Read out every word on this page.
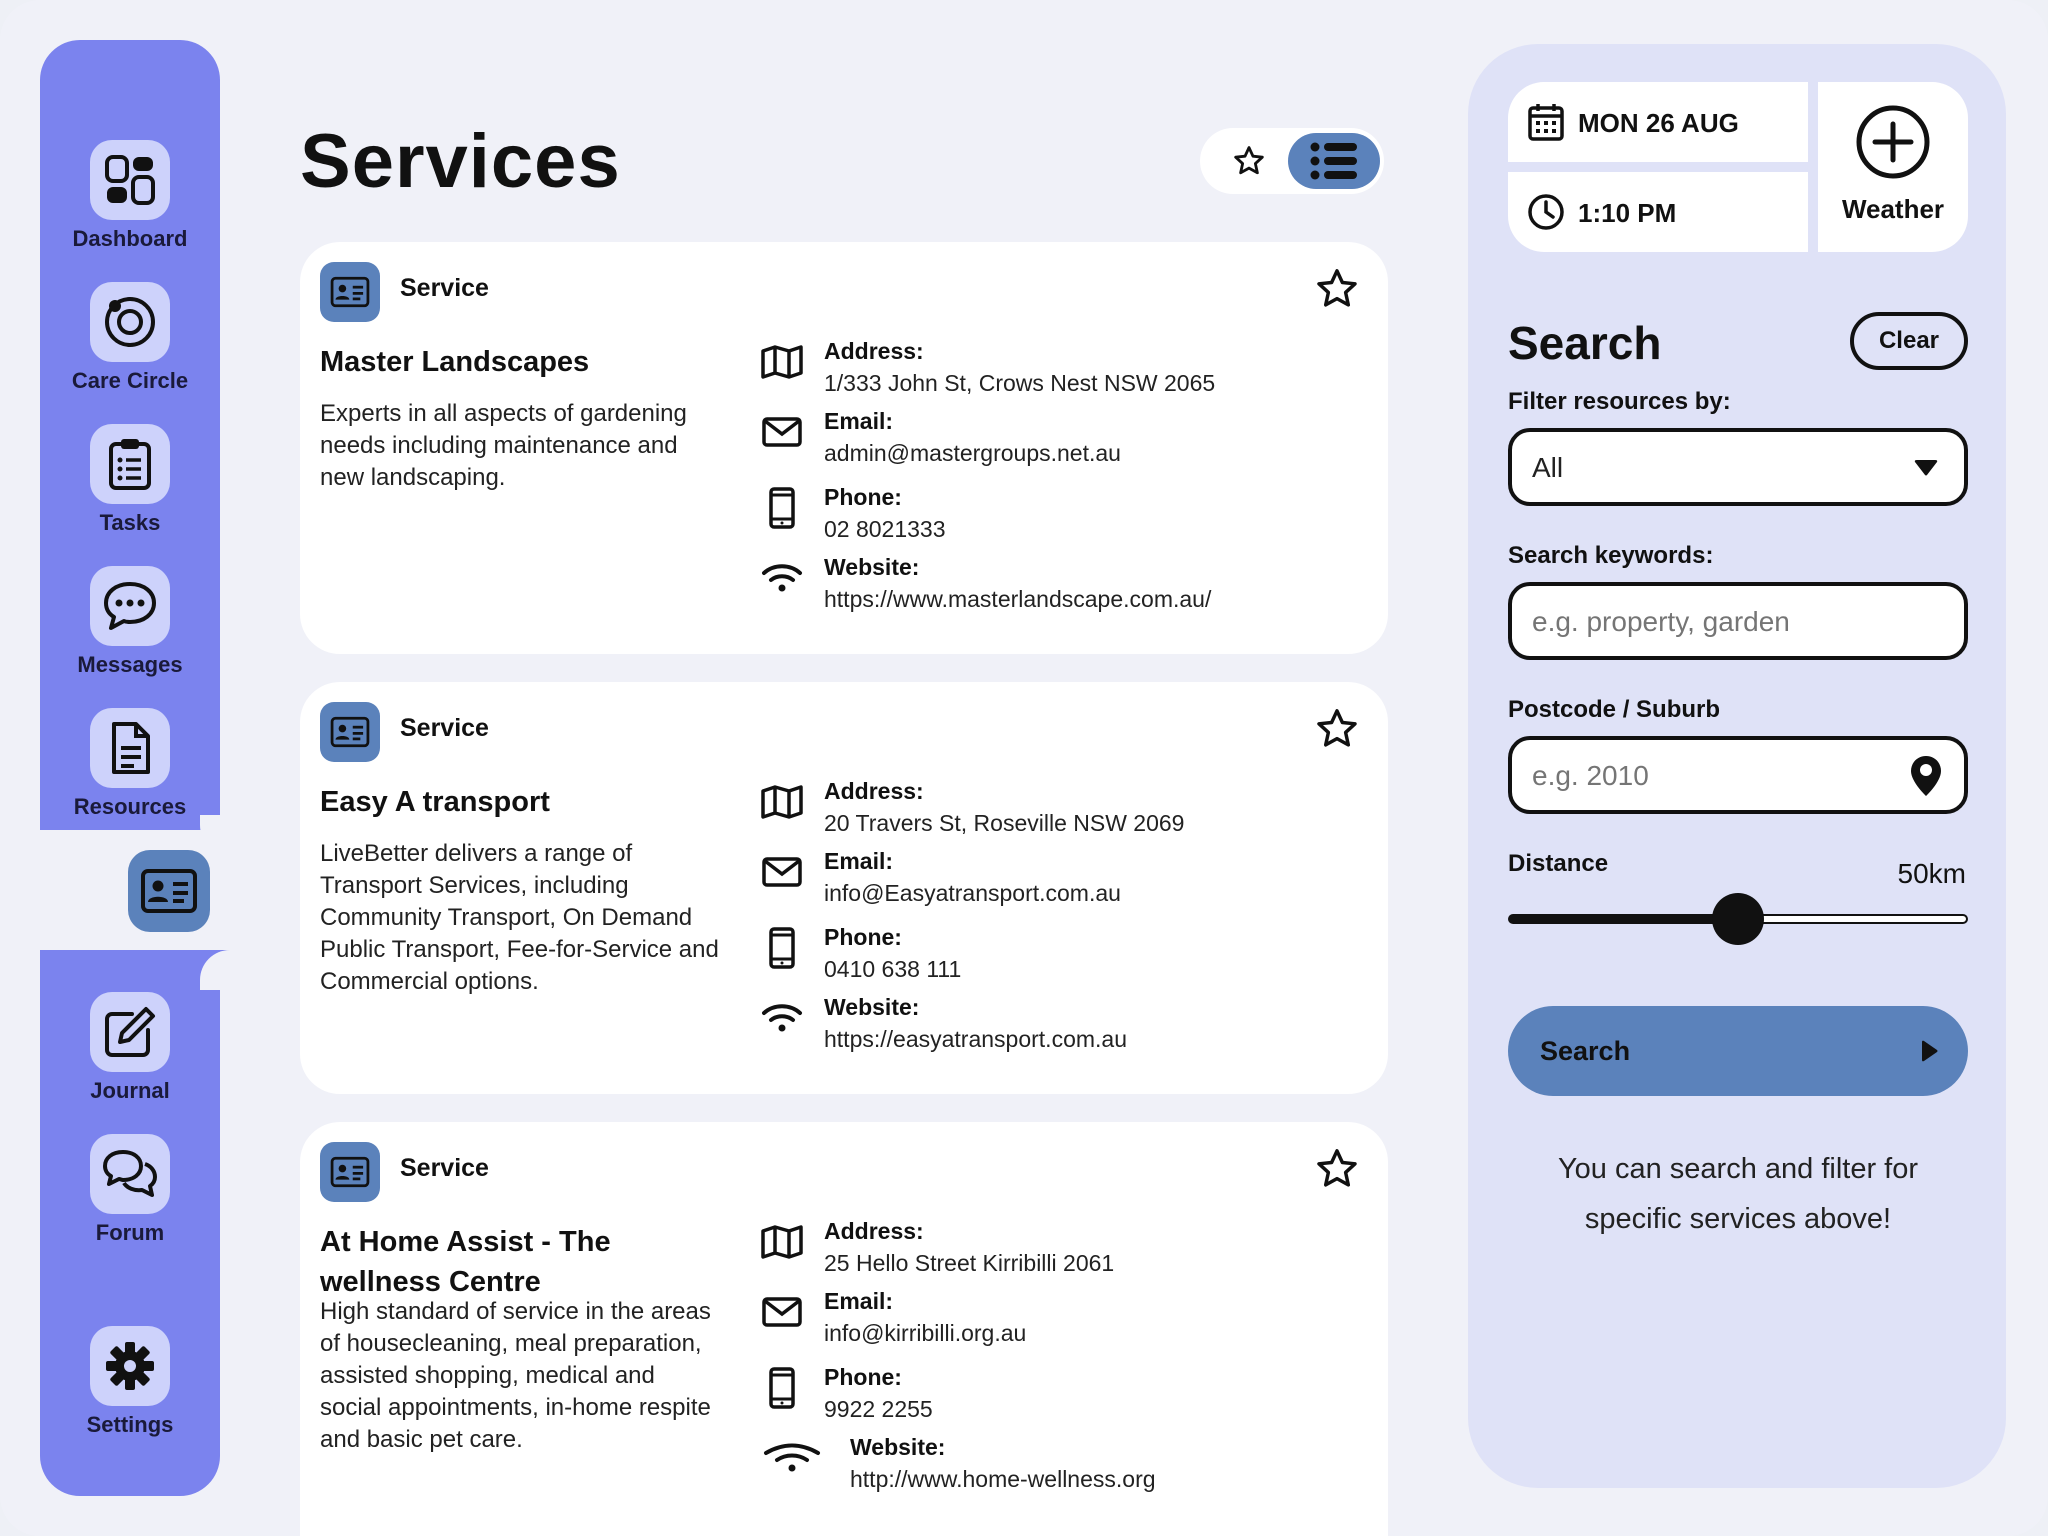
Dashboard
Care Circle
Tasks
Messages
Resources
Journal
Forum
Settings
Services
Service
Master Landscapes

Experts in all aspects of gardening needs including maintenance and new landscaping.

Address:
1/333 John St, Crows Nest NSW 2065
Email:
admin@mastergroups.net.au
Phone:
02 8021333
Website:
https://www.masterlandscape.com.au/
Service
Easy A transport

LiveBetter delivers a range of Transport Services, including Community Transport, On Demand Public Transport, Fee-for-Service and Commercial options.

Address:
20 Travers St, Roseville NSW 2069
Email:
info@Easyatransport.com.au
Phone:
0410 638 111
Website:
https://easyatransport.com.au
Service
At Home Assist - The wellness Centre

High standard of service in the areas of housecleaning, meal preparation, assisted shopping, medical and social appointments, in-home respite and basic pet care.

Address:
25 Hello Street Kirribilli 2061
Email:
info@kirribilli.org.au
Phone:
9922 2255
Website:
http://www.home-wellness.org
MON 26 AUG
1:10 PM	Weather
Search	Clear
Filter resources by:
All
Search keywords:
e.g. property, garden
Postcode / Suburb
e.g. 2010
Distance	50km
Search

You can search and filter for specific services above!
